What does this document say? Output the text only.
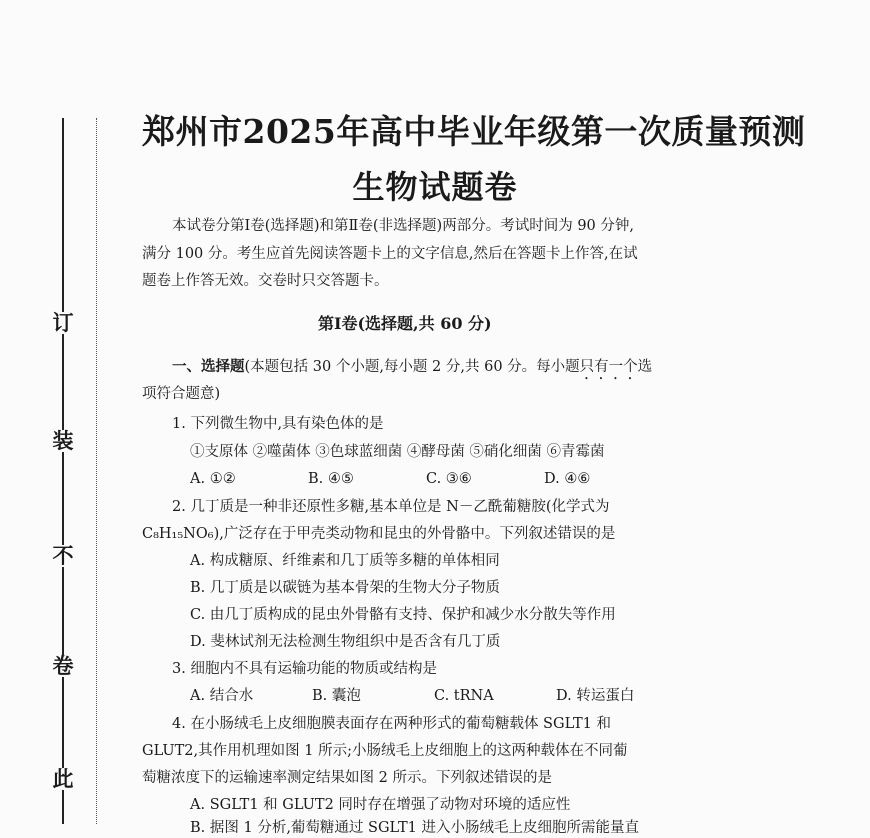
订
装
不
卷
此
郑州市2025年高中毕业年级第一次质量预测
生物试题卷
本试卷分第Ⅰ卷(选择题)和第Ⅱ卷(非选择题)两部分。考试时间为 90 分钟,
满分 100 分。考生应首先阅读答题卡上的文字信息,然后在答题卡上作答,在试
题卷上作答无效。交卷时只交答题卡。
第Ⅰ卷(选择题,共 60 分)
一、选择题(本题包括 30 个小题,每小题 2 分,共 60 分。每小题只有一个选
项符合题意)
1. 下列微生物中,具有染色体的是
①支原体 ②噬菌体 ③色球蓝细菌 ④酵母菌 ⑤硝化细菌 ⑥青霉菌
A. ①②	B. ④⑤	C. ③⑥	D. ④⑥
2. 几丁质是一种非还原性多糖,基本单位是 N－乙酰葡糖胺(化学式为
C₈H₁₅NO₆),广泛存在于甲壳类动物和昆虫的外骨骼中。下列叙述错误的是
A. 构成糖原、纤维素和几丁质等多糖的单体相同
B. 几丁质是以碳链为基本骨架的生物大分子物质
C. 由几丁质构成的昆虫外骨骼有支持、保护和减少水分散失等作用
D. 斐林试剂无法检测生物组织中是否含有几丁质
3. 细胞内不具有运输功能的物质或结构是
A. 结合水	B. 囊泡	C. tRNA	D. 转运蛋白
4. 在小肠绒毛上皮细胞膜表面存在两种形式的葡萄糖载体 SGLT1 和
GLUT2,其作用机理如图 1 所示;小肠绒毛上皮细胞上的这两种载体在不同葡
萄糖浓度下的运输速率测定结果如图 2 所示。下列叙述错误的是
A. SGLT1 和 GLUT2 同时存在增强了动物对环境的适应性
B. 据图 1 分析,葡萄糖通过 SGLT1 进入小肠绒毛上皮细胞所需能量直
